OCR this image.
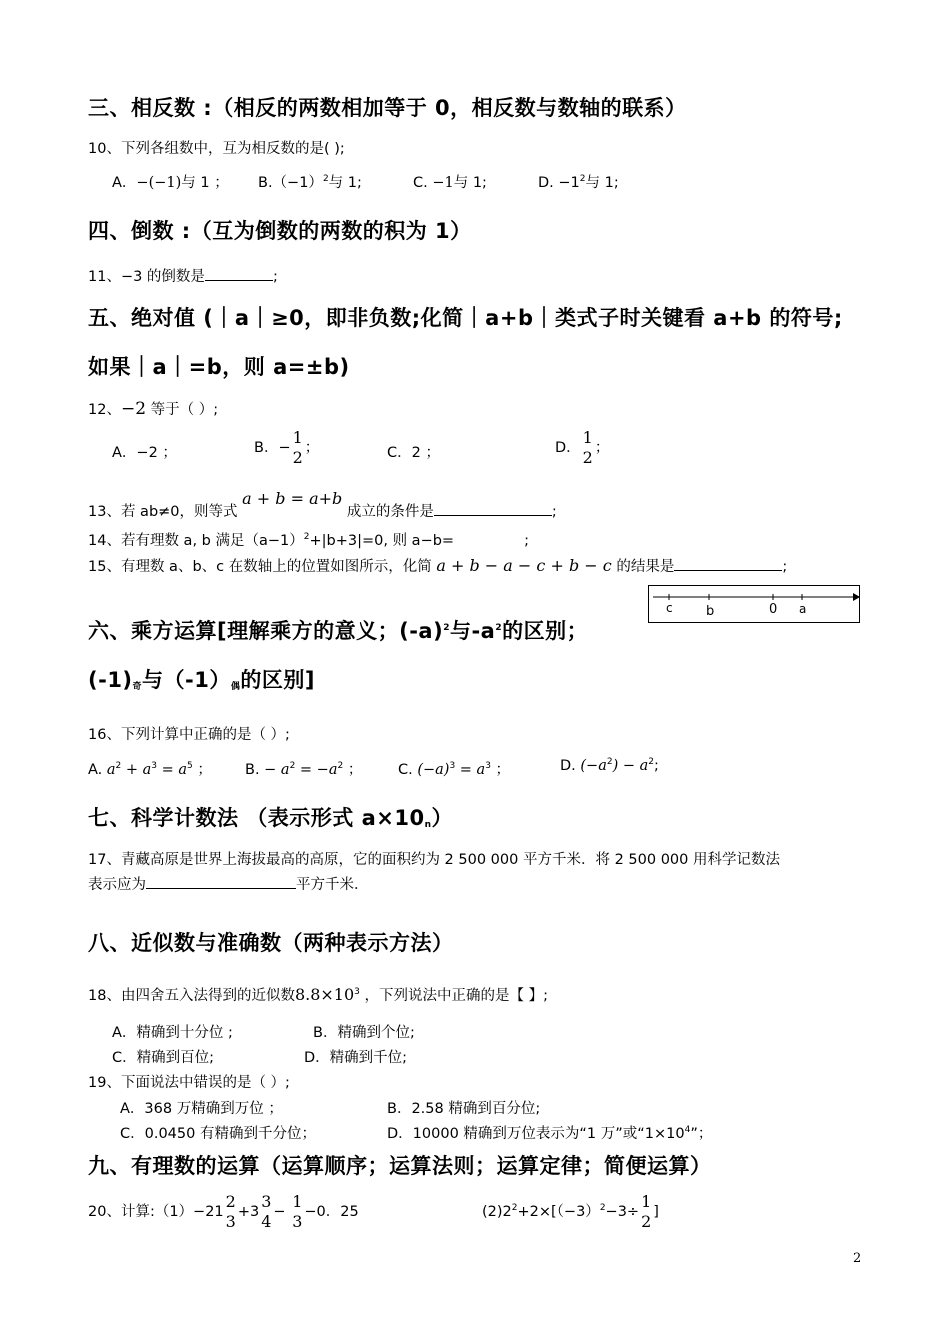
三、相反数 :（相反的两数相加等于 0，相反数与数轴的联系）
10、下列各组数中，互为相反数的是( );
A．−(−1)与 1 ； $B.(-1)^2$与 1;	C. −1与 1;	D. $-1^2$与 1;
四、倒数 :（互为倒数的两数的积为 1）
11、−3 的倒数是	;
五、绝对值 (｜a｜≥0，即非负数;化简｜a+b｜类式子时关键看 a+b 的符号;
如果｜a｜=b，则 a=±b)
12、−2 等于（ ）;
A．−2 ；	B．−
1
2 ；	C．2 ；	D．
1
2 ；
13、若 ab≠0，则等式 a + b = a+b 成立的条件是	;
14、若有理数 a, b 满足$(a-1)^2+|b+3|=0$, 则 a−b=	;
15、有理数 a、b、c 在数轴上的位置如图所示，化简 a + b − a − c + b − c 的结果是	;
c	b	0 a
六、乘方运算[理解乘方的意义；$(-a)^2$与$-a^2$的区别；
$(-1)_奇$与$(-1)_偶$的区别]
16、下列计算中正确的是（ ）;
A. $a^2 + a^3 = a^5$ ； B. − $a^2 = -a^2$ ； C. $(-a)^3 = a^3$ ；	D. $(-a^2) - a^2$;
七、科学计数法 （表示形式 $a\times 10_n$）
17、青藏高原是世界上海拔最高的高原，它的面积约为 2 500 000 平方千米．将 2 500 000 用科学记数法
表示应为	平方千米．
八、近似数与准确数（两种表示方法）
18、由四舍五入法得到的近似数$8.8\times 10^3$ ，下列说法中正确的是【 】;
A．精确到十分位 ;	B．精确到个位;
C．精确到百位;	D．精确到千位;
19、下面说法中错误的是（ ）;
A．368 万精确到万位 ；	B．2.58 精确到百分位;
C．0.0450 有精确到千分位；	D．10000 精确到万位表示为“1 万”或“$1\times 10^4$”；
九、有理数的运算（运算顺序；运算法则；运算定律；简便运算）
20、计算:（1）−21
2
3 +3
3
4 −
1
3 −0．25	$(2)2^2+2\times[(-3)^2-3\div$
1
2 ]
2
